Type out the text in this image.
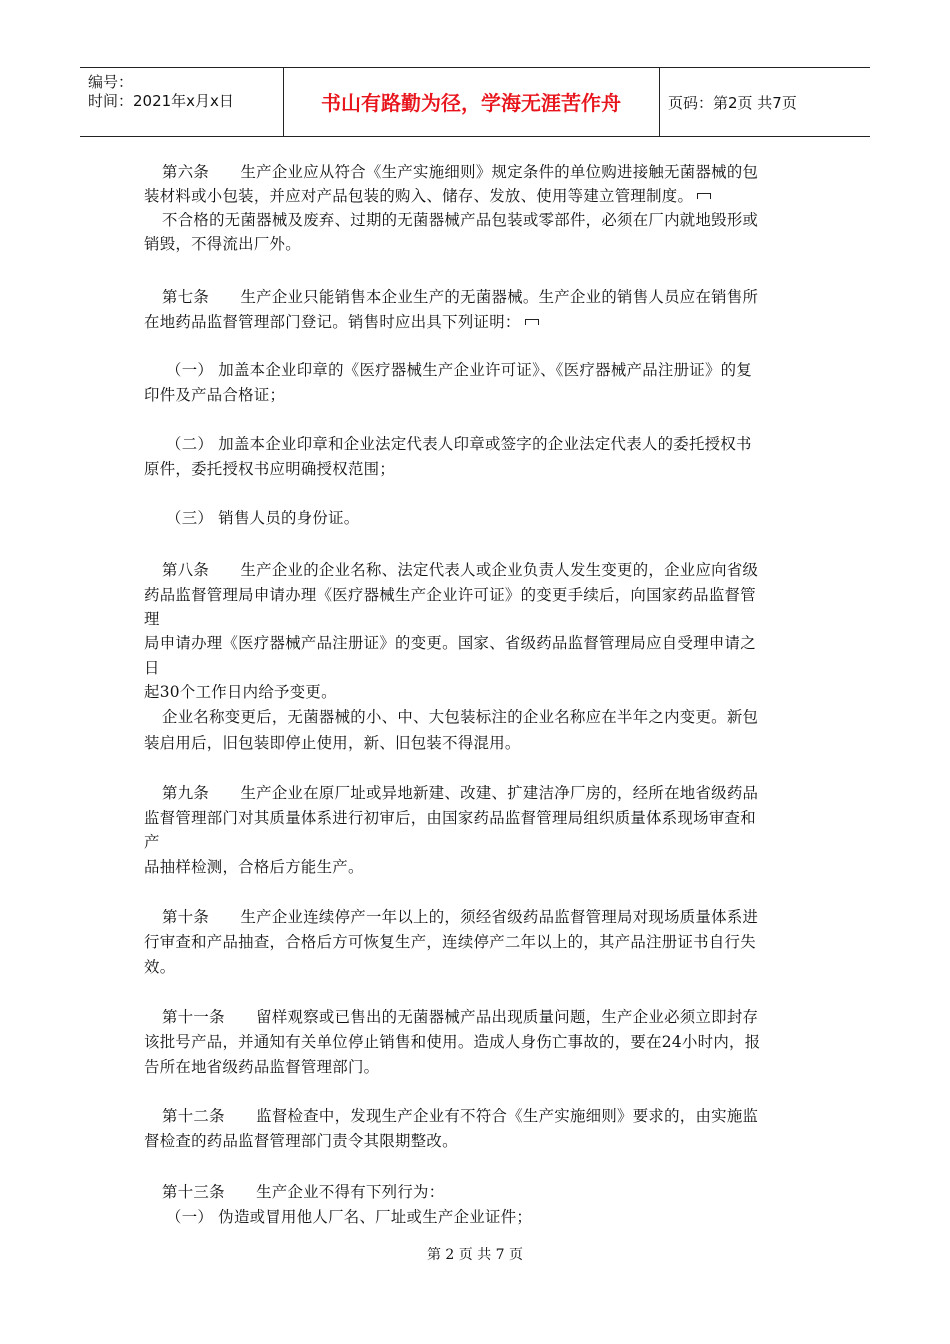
编号：
时间：2021年x月x日	书山有路勤为径，学海无涯苦作舟	页码：第2页 共7页
第六条　　生产企业应从符合《生产实施细则》规定条件的单位购进接触无菌器械的包
装材料或小包装，并应对产品包装的购入、储存、发放、使用等建立管理制度。
不合格的无菌器械及废弃、过期的无菌器械产品包装或零部件，必须在厂内就地毁形或
销毁，不得流出厂外。
第七条　　生产企业只能销售本企业生产的无菌器械。生产企业的销售人员应在销售所
在地药品监督管理部门登记。销售时应出具下列证明：
（一） 加盖本企业印章的《医疗器械生产企业许可证》、《医疗器械产品注册证》的复
印件及产品合格证；
（二） 加盖本企业印章和企业法定代表人印章或签字的企业法定代表人的委托授权书
原件，委托授权书应明确授权范围；
（三） 销售人员的身份证。
第八条　　生产企业的企业名称、法定代表人或企业负责人发生变更的，企业应向省级
药品监督管理局申请办理《医疗器械生产企业许可证》的变更手续后，向国家药品监督管
理
局申请办理《医疗器械产品注册证》的变更。国家、省级药品监督管理局应自受理申请之
日
起30个工作日内给予变更。
企业名称变更后，无菌器械的小、中、大包装标注的企业名称应在半年之内变更。新包
装启用后，旧包装即停止使用，新、旧包装不得混用。
第九条　　生产企业在原厂址或异地新建、改建、扩建洁净厂房的，经所在地省级药品
监督管理部门对其质量体系进行初审后，由国家药品监督管理局组织质量体系现场审查和
产
品抽样检测，合格后方能生产。
第十条　　生产企业连续停产一年以上的，须经省级药品监督管理局对现场质量体系进
行审查和产品抽查，合格后方可恢复生产，连续停产二年以上的，其产品注册证书自行失
效。
第十一条　　留样观察或已售出的无菌器械产品出现质量问题，生产企业必须立即封存
该批号产品，并通知有关单位停止销售和使用。造成人身伤亡事故的，要在24小时内，报
告所在地省级药品监督管理部门。
第十二条　　监督检查中，发现生产企业有不符合《生产实施细则》要求的，由实施监
督检查的药品监督管理部门责令其限期整改。
第十三条　　生产企业不得有下列行为：
（一） 伪造或冒用他人厂名、厂址或生产企业证件；
第 2 页 共 7 页
